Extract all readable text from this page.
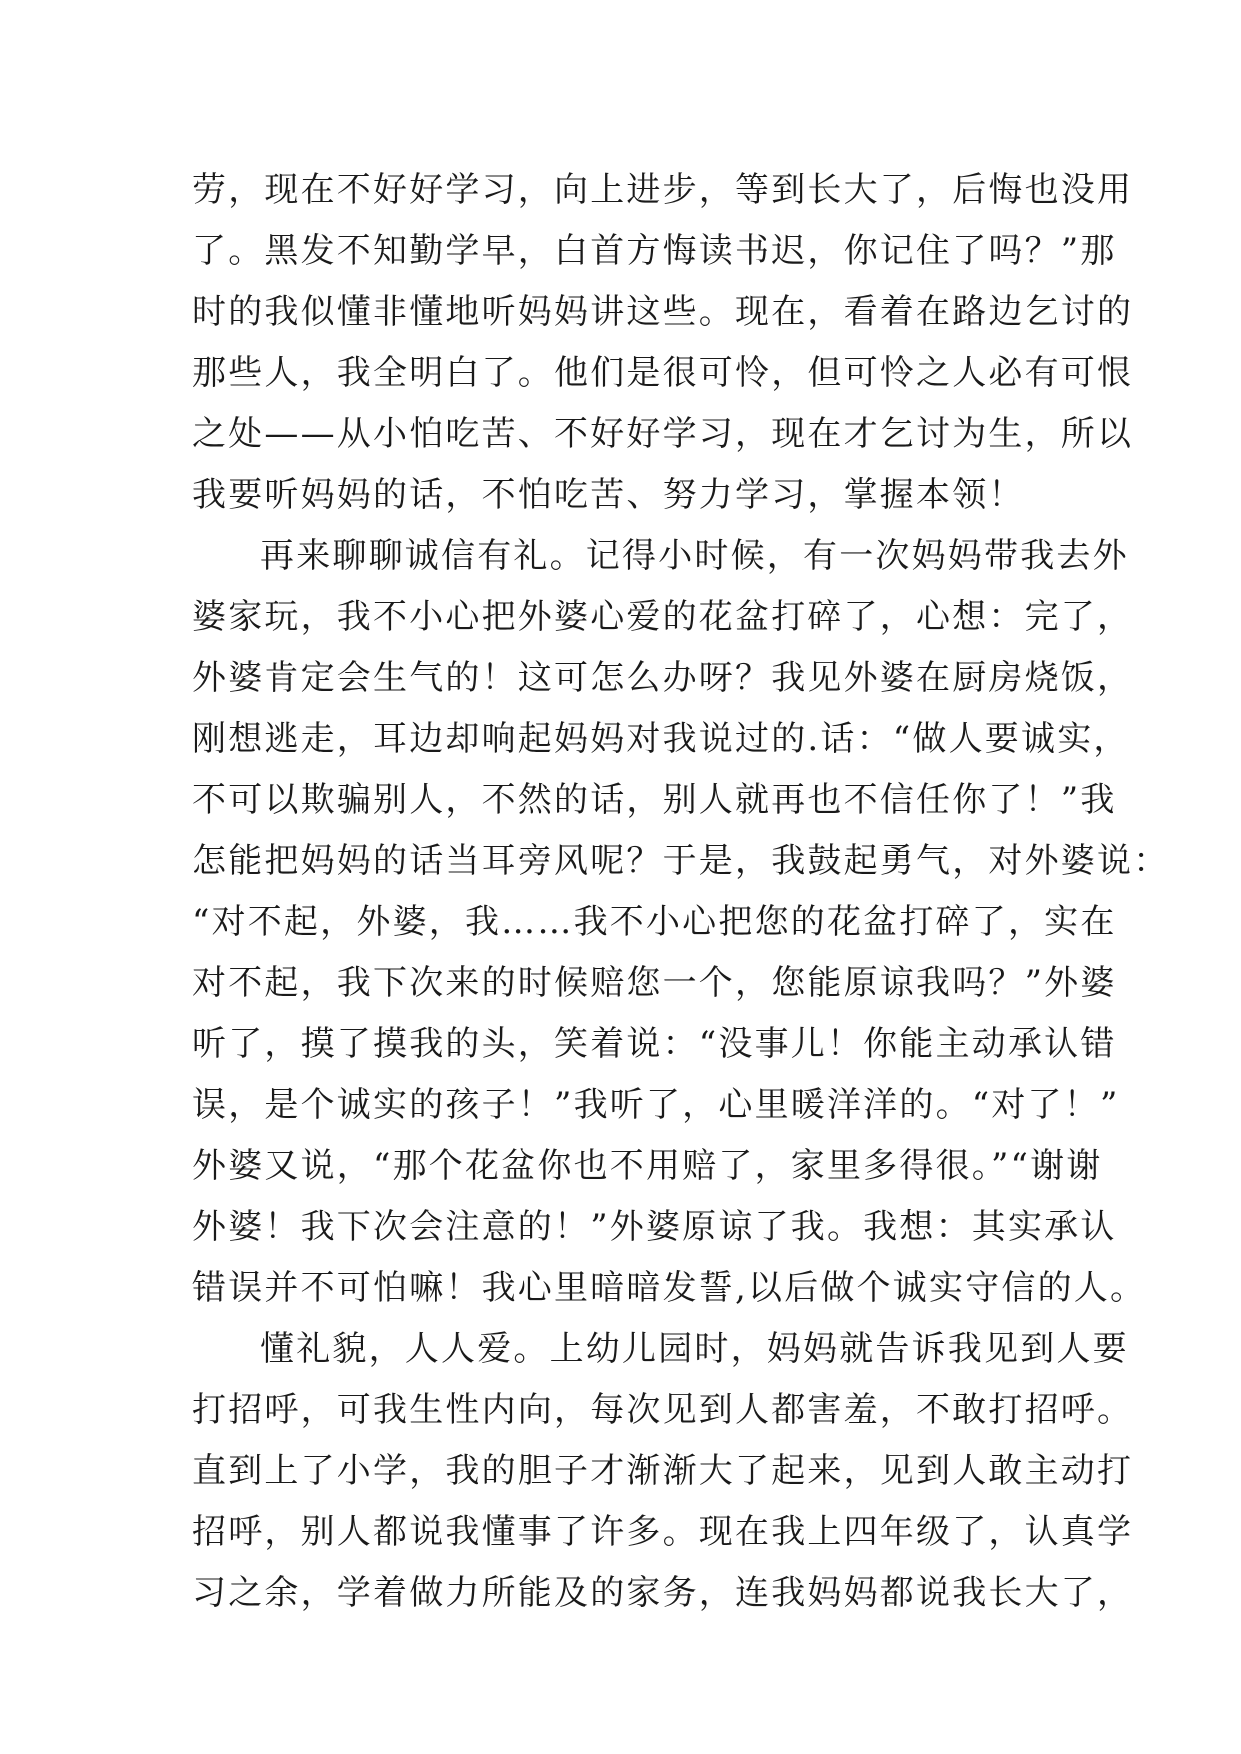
劳，现在不好好学习，向上进步，等到长大了，后悔也没用
了。黑发不知勤学早，白首方悔读书迟，你记住了吗？”那
时的我似懂非懂地听妈妈讲这些。现在，看着在路边乞讨的
那些人，我全明白了。他们是很可怜，但可怜之人必有可恨
之处——从小怕吃苦、不好好学习，现在才乞讨为生，所以
我要听妈妈的话，不怕吃苦、努力学习，掌握本领！
再来聊聊诚信有礼。记得小时候，有一次妈妈带我去外
婆家玩，我不小心把外婆心爱的花盆打碎了，心想：完了，
外婆肯定会生气的！这可怎么办呀？我见外婆在厨房烧饭，
刚想逃走，耳边却响起妈妈对我说过的.话：“做人要诚实，
不可以欺骗别人，不然的话，别人就再也不信任你了！”我
怎能把妈妈的话当耳旁风呢？于是，我鼓起勇气，对外婆说：
“对不起，外婆，我……我不小心把您的花盆打碎了，实在
对不起，我下次来的时候赔您一个，您能原谅我吗？”外婆
听了，摸了摸我的头，笑着说：“没事儿！你能主动承认错
误，是个诚实的孩子！”我听了，心里暖洋洋的。“对了！”
外婆又说，“那个花盆你也不用赔了，家里多得很。”“谢谢
外婆！我下次会注意的！”外婆原谅了我。我想：其实承认
错误并不可怕嘛！我心里暗暗发誓,以后做个诚实守信的人。
懂礼貌，人人爱。上幼儿园时，妈妈就告诉我见到人要
打招呼，可我生性内向，每次见到人都害羞，不敢打招呼。
直到上了小学，我的胆子才渐渐大了起来，见到人敢主动打
招呼，别人都说我懂事了许多。现在我上四年级了，认真学
习之余，学着做力所能及的家务，连我妈妈都说我长大了，
